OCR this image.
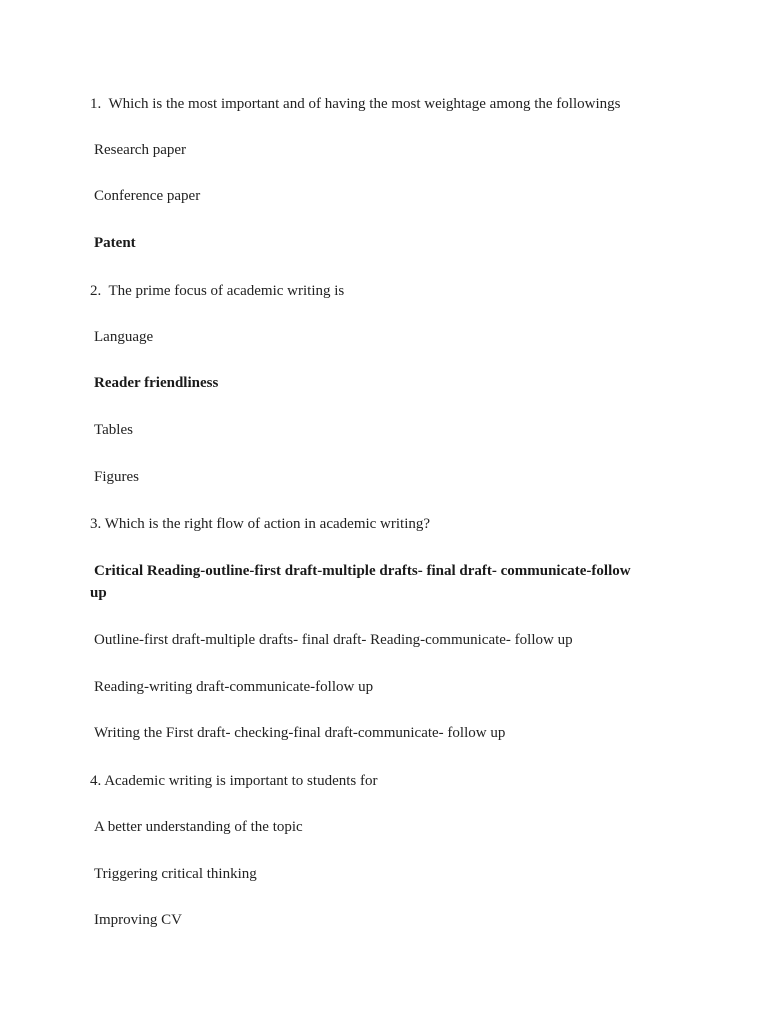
1. Which is the most important and of having the most weightage among the followings
Research paper
Conference paper
Patent
2. The prime focus of academic writing is
Language
Reader friendliness
Tables
Figures
3. Which is the right flow of action in academic writing?
Critical Reading-outline-first draft-multiple drafts- final draft- communicate-follow up
Outline-first draft-multiple drafts- final draft- Reading-communicate- follow up
Reading-writing draft-communicate-follow up
Writing the First draft- checking-final draft-communicate- follow up
4. Academic writing is important to students for
A better understanding of the topic
Triggering critical thinking
Improving CV
